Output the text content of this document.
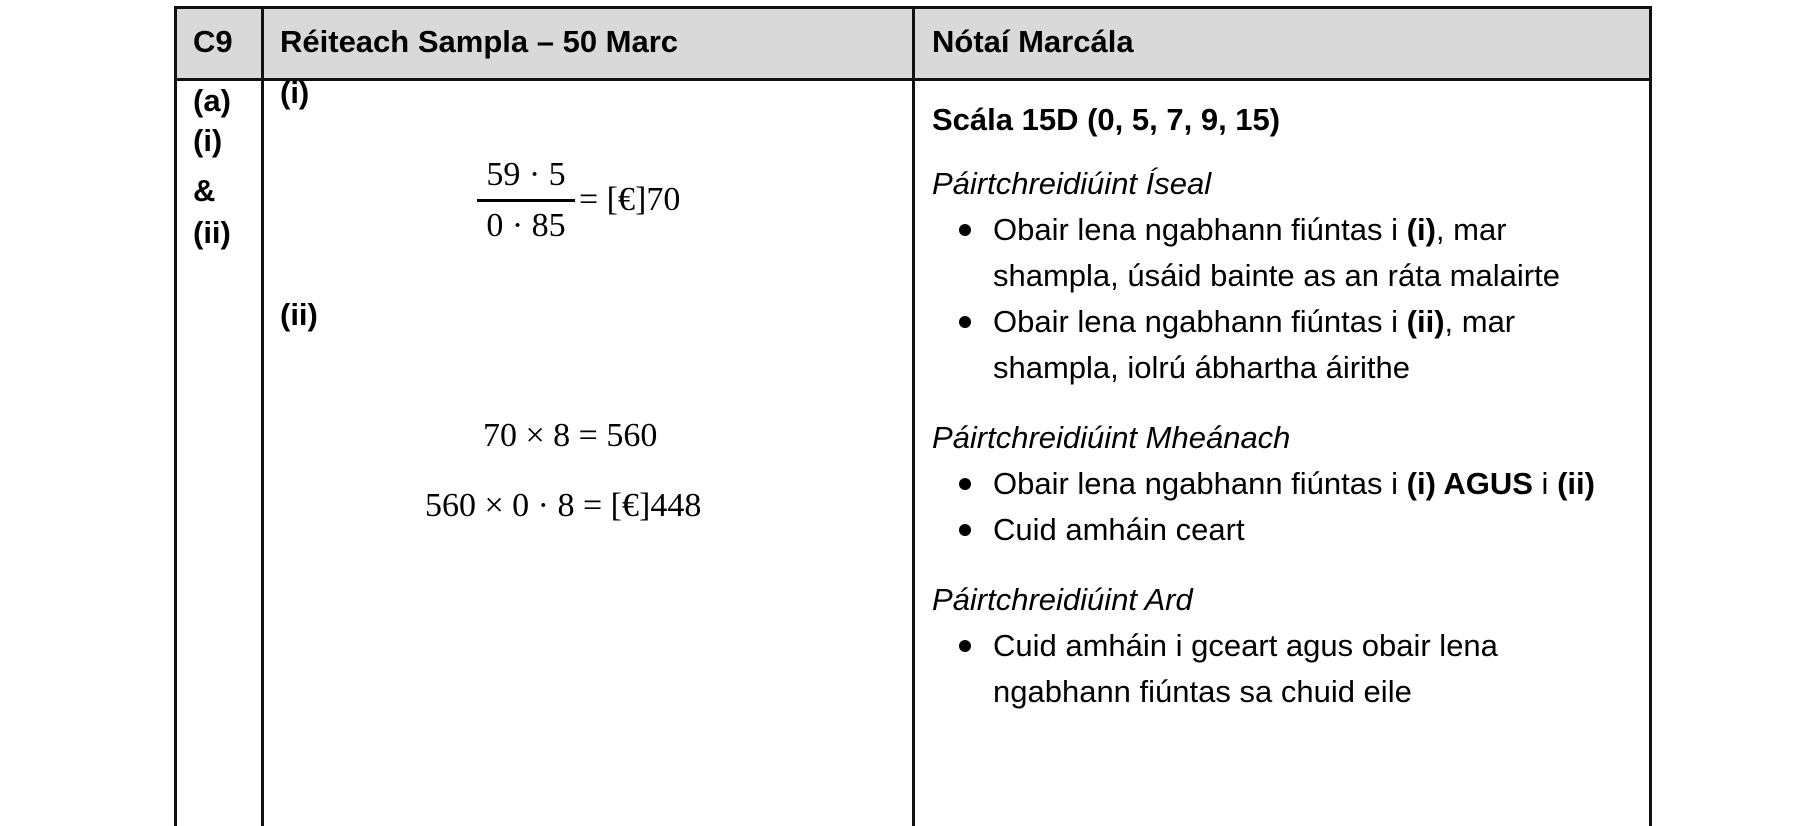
C9 Réiteach Sampla – 50 Marc	Nótaí Marcála
(a)
(i)
&
(ii)
(i)
59 · 5
0 · 85
= [€]70
(ii)
70 × 8 = 560
560 × 0 · 8 = [€]448

Scála 15D (0, 5, 7, 9, 15)

Páirtchreidiúint Íseal

Obair lena ngabhann fiúntas i (i), mar
shampla, úsáid bainte as an ráta malairte
Obair lena ngabhann fiúntas i (ii), mar
shampla, iolrú ábhartha áirithe

Páirtchreidiúint Mheánach

Obair lena ngabhann fiúntas i (i) AGUS i (ii)
Cuid amháin ceart

Páirtchreidiúint Ard

Cuid amháin i gceart agus obair lena
ngabhann fiúntas sa chuid eile
